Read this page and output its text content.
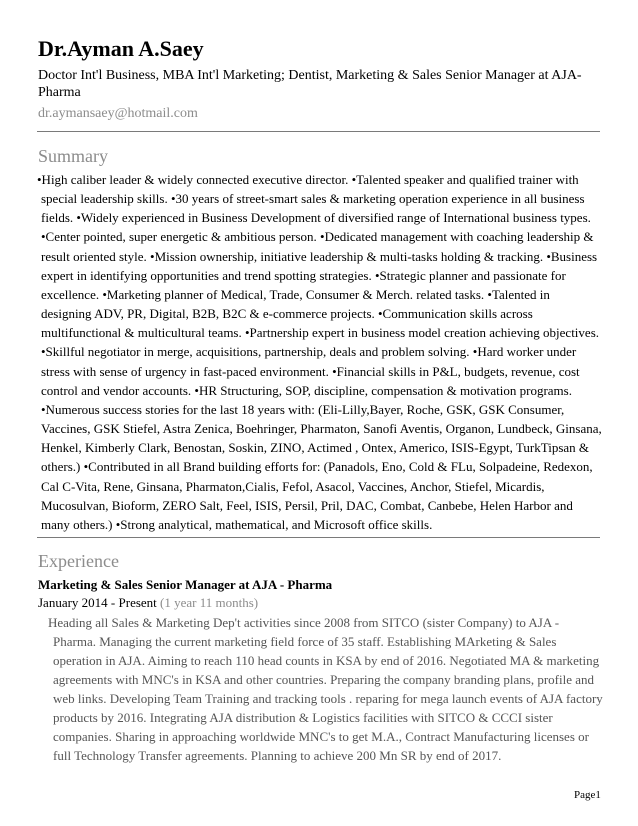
Dr.Ayman A.Saey
Doctor Int'l Business, MBA Int'l Marketing; Dentist, Marketing & Sales Senior Manager at AJA-Pharma
dr.aymansaey@hotmail.com
Summary

•High caliber leader & widely connected executive director. •Talented speaker and qualified trainer with special leadership skills. •30 years of street-smart sales & marketing operation experience in all business fields. •Widely experienced in Business Development of diversified range of International business types. •Center pointed, super energetic & ambitious person. •Dedicated management with coaching leadership & result oriented style. •Mission ownership, initiative leadership & multi-tasks holding & tracking. •Business expert in identifying opportunities and trend spotting strategies. •Strategic planner and passionate for excellence. •Marketing planner of Medical, Trade, Consumer & Merch. related tasks. •Talented in designing ADV, PR, Digital, B2B, B2C & e-commerce projects. •Communication skills across multifunctional & multicultural teams. •Partnership expert in business model creation achieving objectives. •Skillful negotiator in merge, acquisitions, partnership, deals and problem solving. •Hard worker under stress with sense of urgency in fast-paced environment. •Financial skills in P&L, budgets, revenue, cost control and vendor accounts. •HR Structuring, SOP, discipline, compensation & motivation programs. •Numerous success stories for the last 18 years with: (Eli-Lilly,Bayer, Roche, GSK, GSK Consumer, Vaccines, GSK Stiefel, Astra Zenica, Boehringer, Pharmaton, Sanofi Aventis, Organon, Lundbeck, Ginsana, Henkel, Kimberly Clark, Benostan, Soskin, ZINO, Actimed , Ontex, Americo, ISIS-Egypt, TurkTipsan & others.) •Contributed in all Brand building efforts for: (Panadols, Eno, Cold & FLu, Solpadeine, Redexon, Cal C-Vita, Rene, Ginsana, Pharmaton,Cialis, Fefol, Asacol, Vaccines, Anchor, Stiefel, Micardis, Mucosulvan, Bioform, ZERO Salt, Feel, ISIS, Persil, Pril, DAC, Combat, Canbebe, Helen Harbor and many others.) •Strong analytical, mathematical, and Microsoft office skills.

Experience
Marketing & Sales Senior Manager at AJA - Pharma
January 2014 - Present (1 year 11 months)

Heading all Sales & Marketing Dep't activities since 2008 from SITCO (sister Company) to AJA - Pharma. Managing the current marketing field force of 35 staff. Establishing MArketing & Sales operation in AJA. Aiming to reach 110 head counts in KSA by end of 2016. Negotiated MA & marketing agreements with MNC's in KSA and other countries. Preparing the company branding plans, profile and web links. Developing Team Training and tracking tools . reparing for mega launch events of AJA factory products by 2016. Integrating AJA distribution & Logistics facilities with SITCO & CCCI sister companies. Sharing in approaching worldwide MNC's to get M.A., Contract Manufacturing licenses or full Technology Transfer agreements. Planning to achieve 200 Mn SR by end of 2017.

Page1
